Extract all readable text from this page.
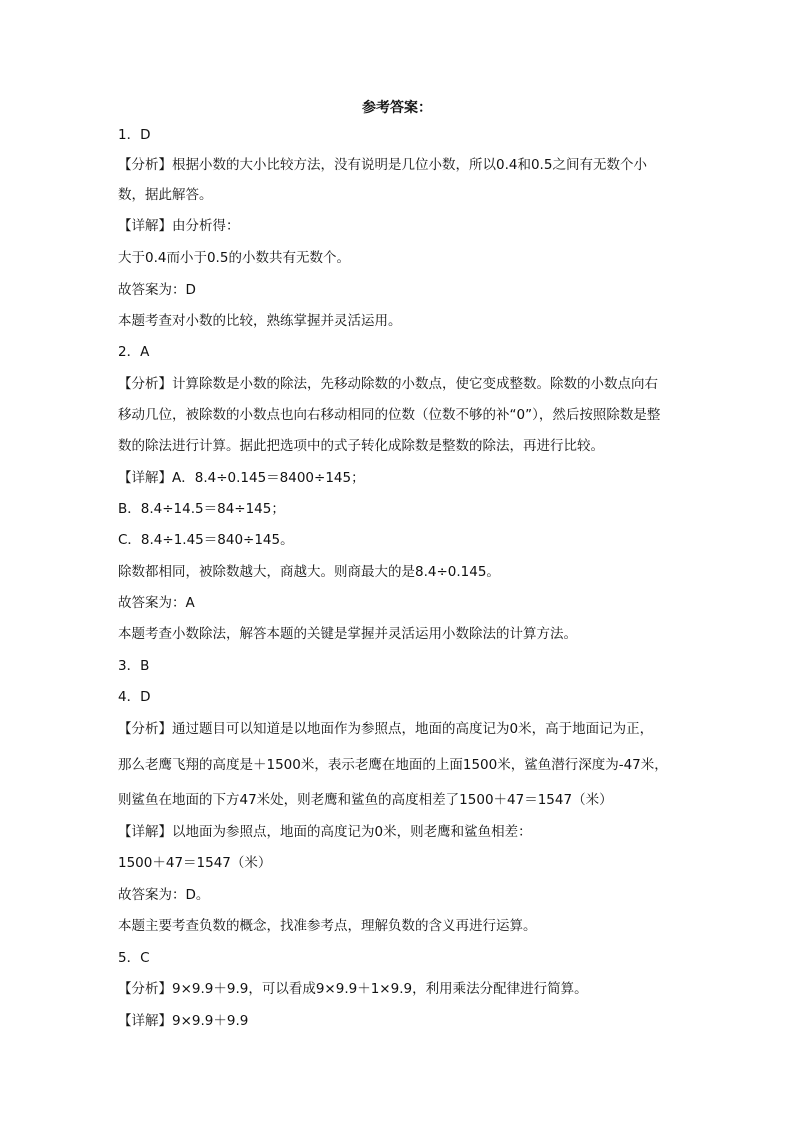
参考答案：
1．D
【分析】根据小数的大小比较方法，没有说明是几位小数，所以0.4和0.5之间有无数个小
数，据此解答。
【详解】由分析得：
大于0.4而小于0.5的小数共有无数个。
故答案为：D
本题考查对小数的比较，熟练掌握并灵活运用。
2．A
【分析】计算除数是小数的除法，先移动除数的小数点，使它变成整数。除数的小数点向右
移动几位，被除数的小数点也向右移动相同的位数（位数不够的补“0”），然后按照除数是整
数的除法进行计算。据此把选项中的式子转化成除数是整数的除法，再进行比较。
【详解】A．8.4÷0.145＝8400÷145；
B．8.4÷14.5＝84÷145；
C．8.4÷1.45＝840÷145。
除数都相同，被除数越大，商越大。则商最大的是8.4÷0.145。
故答案为：A
本题考查小数除法，解答本题的关键是掌握并灵活运用小数除法的计算方法。
3．B
4．D
【分析】通过题目可以知道是以地面作为参照点，地面的高度记为0米，高于地面记为正，
那么老鹰飞翔的高度是＋1500米，表示老鹰在地面的上面1500米，鲨鱼潜行深度为-47米，
则鲨鱼在地面的下方47米处，则老鹰和鲨鱼的高度相差了1500＋47＝1547（米）
【详解】以地面为参照点，地面的高度记为0米，则老鹰和鲨鱼相差：
1500＋47＝1547（米）
故答案为：D。
本题主要考查负数的概念，找准参考点，理解负数的含义再进行运算。
5．C
【分析】9×9.9＋9.9，可以看成9×9.9＋1×9.9，利用乘法分配律进行简算。
【详解】9×9.9＋9.9
